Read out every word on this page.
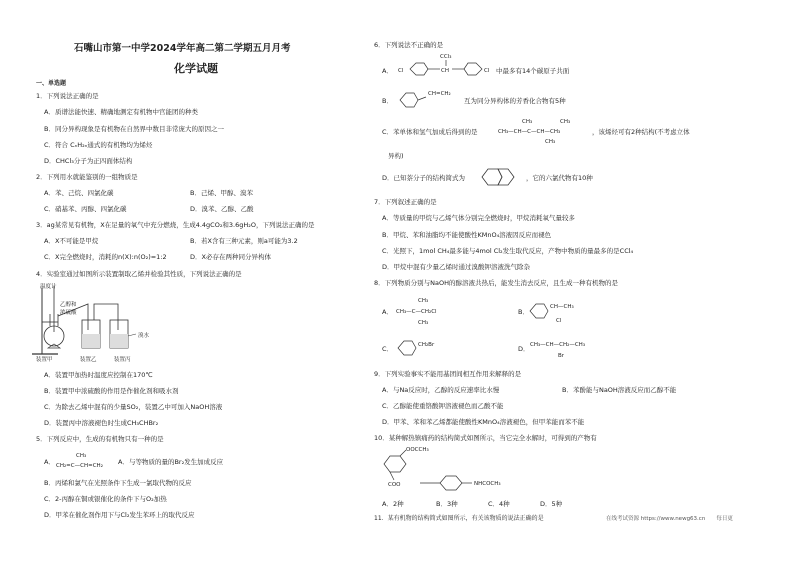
石嘴山市第一中学2024学年高二第二学期五月月考
化学试题
一、单选题
1．下列说法正确的是
A．质谱法能快速、精确地测定有机物中官能团的种类
B．同分异构现象是有机物在自然界中数目非常庞大的原因之一
C．符合 CₙH₂ₙ通式的有机物均为烯烃
D．CHCl₃分子为正四面体结构
2．下列用水就能鉴别的一组物质是
A．苯、己烷、四氯化碳	B．己烯、甲醇、溴苯
C．硝基苯、丙醇、四氯化碳	D．溴苯、乙醇、乙酸
3．ag某常见有机物，X在足量的氧气中充分燃烧，生成4.4gCO₂和3.6gH₂O，下列说法正确的是
A．X不可能是甲烷	B．若X含有三种元素，则a可能为3.2
C．X完全燃烧时，消耗的n(X):n(O₂)=1:2	D．X必存在两种同分异构体
4．实验室通过如图所示装置制取乙烯并检验其性质，下列说法正确的是
温度计
乙醇和
浓硫酸
溴水
装置甲	装置乙	装置丙
A．装置甲加热时温度应控制在170℃
B．装置甲中浓硫酸的作用是作催化剂和吸水剂
C．为除去乙烯中混有的少量SO₂，装置乙中可加入NaOH溶液
D．装置丙中溶液褪色时生成CH₃CHBr₂
5．下列反应中，生成的有机物只有一种的是
A．
CH₃
CH₂=C—CH=CH₂ A．与等物质的量的Br₂发生加成反应
B．丙烯和氯气在光照条件下生成一氯取代物的反应
C．2-丙醇在铜或银催化的条件下与O₂加热
D．甲苯在催化剂作用下与Cl₂发生苯环上的取代反应
6．下列说法不正确的是
A． Cl
CCl₃
CH	Cl 中最多有14个碳原子共面
B．
CH=CH₂
互为同分异构体的芳香化合物有5种
C．苯单体和氢气加成后得到的是
CH₃	CH₃
CH₃—CH—C—CH—CH₃
CH₃
，该烯烃可有2种结构(不考虑立体
异构)
D．已知萘分子的结构简式为	，它的六氯代物有10种
7．下列叙述正确的是
A．等质量的甲烷与乙烯气体分别完全燃烧时，甲烷消耗氧气量较多
B．甲烷、苯和油脂均不能使酸性KMnO₄溶液因反应而褪色
C．光照下，1mol CH₄最多能与4mol Cl₂发生取代反应，产物中物质的量最多的是CCl₄
D．甲烷中混有少量乙烯时通过溴酸钾溶液洗气除杂
8．下列物质分别与NaOH的醇溶液共热后，能发生消去反应，且生成一种有机物的是
A．
CH₃
CH₃—C—CH₂Cl
CH₃
B．
CH—CH₃
Cl
C．	CH₂Br	D． CH₃—CH—CH₂—CH₃
Br
9．下列实验事实不能用基团间相互作用来解释的是
A．与Na反应时，乙醇的反应速率比水慢	B．苯酚能与NaOH溶液反应而乙醇不能
C．乙醇能使重铬酸钾溶液褪色而乙酸不能
D．甲苯、苯和苯乙烯都能使酸性KMnO₄溶液褪色，但甲苯能而苯不能
10．某种解热镇痛药的结构简式如图所示，当它完全水解时，可得到的产物有
OOCCH₃
COO	NHCOCH₃
A．2种	B．3种	C．4种	D．5种
11．某有机物的结构简式如图所示，有关该物质的说法正确的是	在线考试资源 https://www.newg63.cn　　每日更
